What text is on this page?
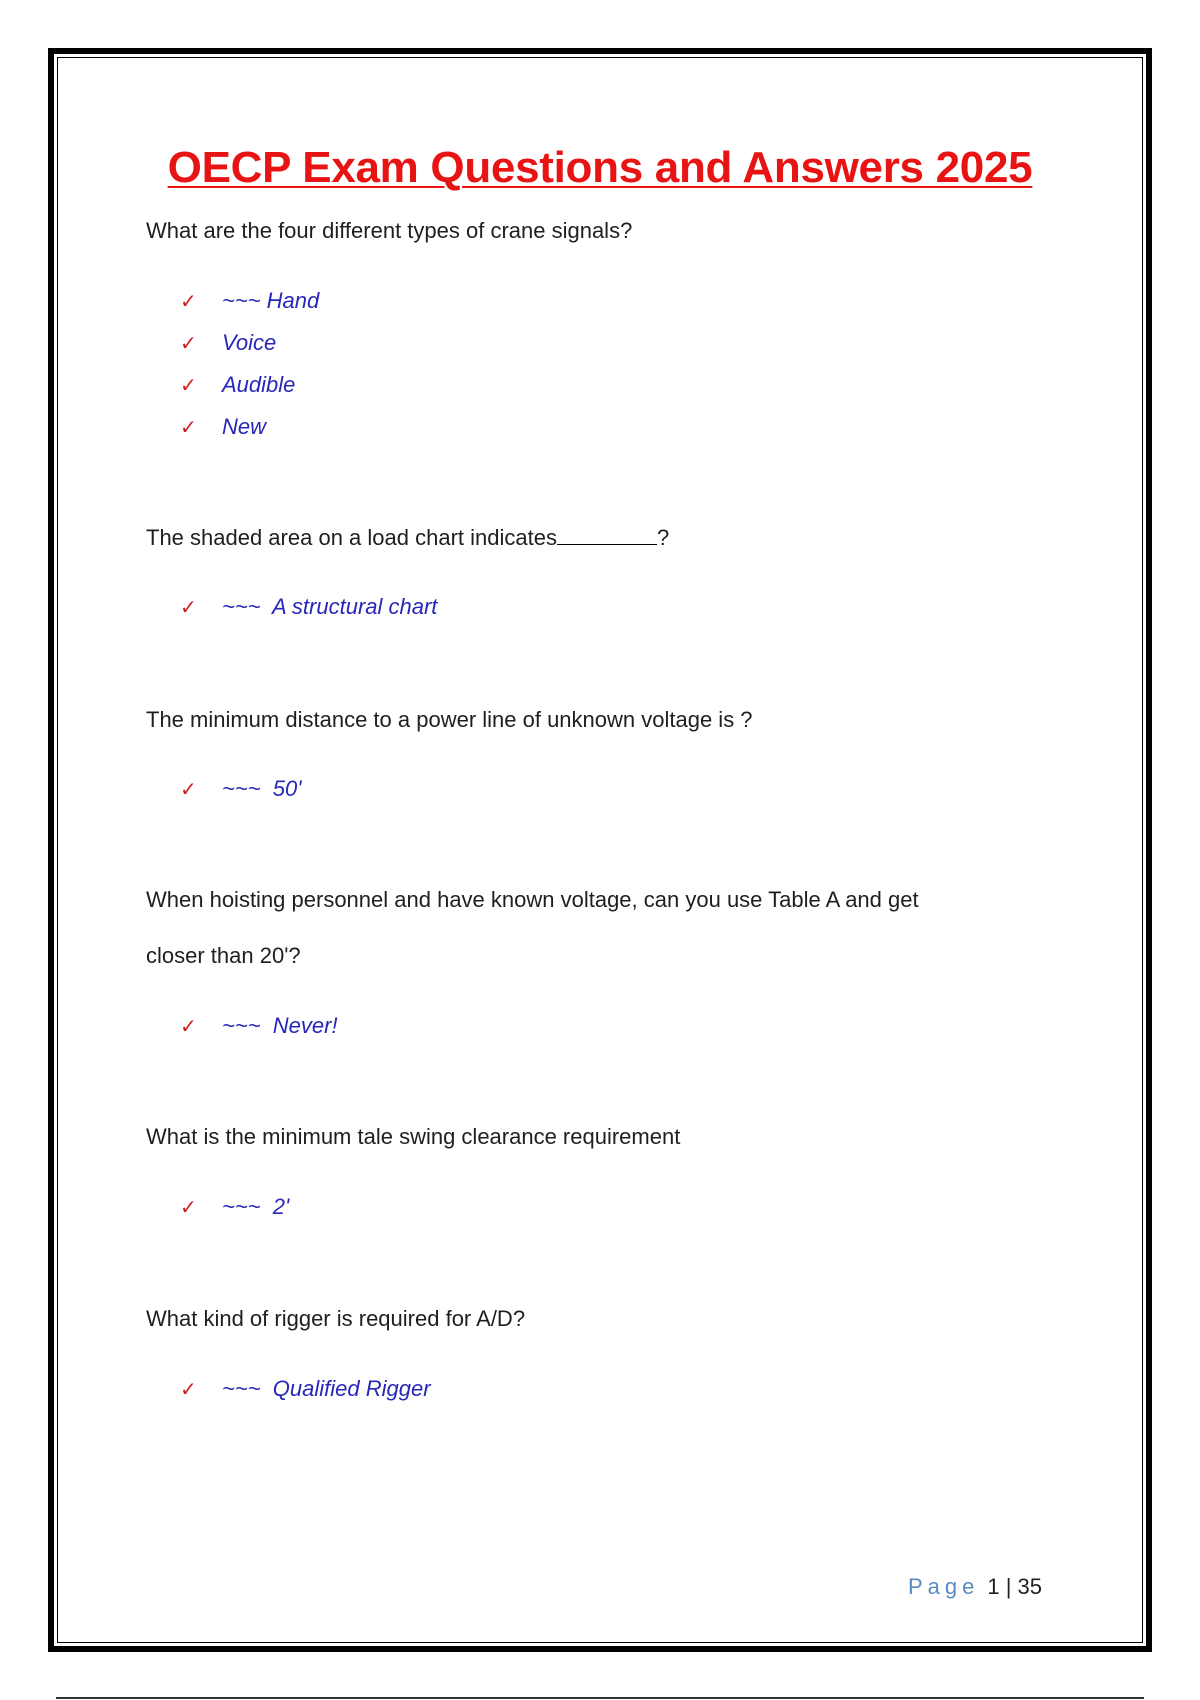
OECP Exam Questions and Answers 2025
What are the four different types of crane signals?
✓	~~~ Hand
✓	Voice
✓	Audible
✓	New
The shaded area on a load chart indicates	?
✓	~~~  A structural chart
The minimum distance to a power line of unknown voltage is ?
✓	~~~  50'
When hoisting personnel and have known voltage, can you use Table A and get
closer than 20'?
✓	~~~  Never!
What is the minimum tale swing clearance requirement
✓	~~~  2'
What kind of rigger is required for A/D?
✓	~~~  Qualified Rigger
Page 1 | 35
